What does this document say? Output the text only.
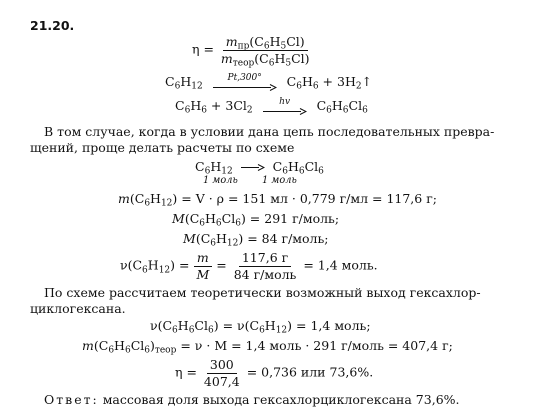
21.20.
$\eta = \frac{m_{пр}(C_6H_5Cl)}{m_{теор}(C_6H_5Cl)}$
$C_6H_{12}$
Pt,300° $C_6H_6$ + $3H_2↑$
$C_6H_6 + 3Cl_2$
hv $C_6H_6Cl_6$
В том случае, когда в условии дана цепь последовательных превра-
щений, проще делать расчеты по схеме
$C_6H_{12}$	$C_6H_6Cl_6$
1 моль 1 моль
$m(C_6H_{12}) = V \cdot \rho = 151$ мл · 0,779 г/мл = 117,6 г;
$M(C_6H_6Cl_6) = 291$ г/моль;
$M(C_6H_{12}) = 84$ г/моль;
$\nu(C_6H_{12}) = \frac{m}{M} = \frac{117,6 г}{\text{84 г/моль}} = 1,4$ моль.
По схеме рассчитаем теоретически возможный выход гексахлор-
циклогексана.
$\nu(C_6H_6Cl_6) = \nu(C_6H_{12}) = 1,4$ моль;
$m(C_6H_6Cl_6)_{теор} = \nu \cdot M = 1,4$ моль · 291 г/моль = 407,4 г;
$\eta = \frac{300}{407,4} = 0,736$ или 73,6%.
Ответ: массовая доля выхода гексахлорциклогексана 73,6%.
